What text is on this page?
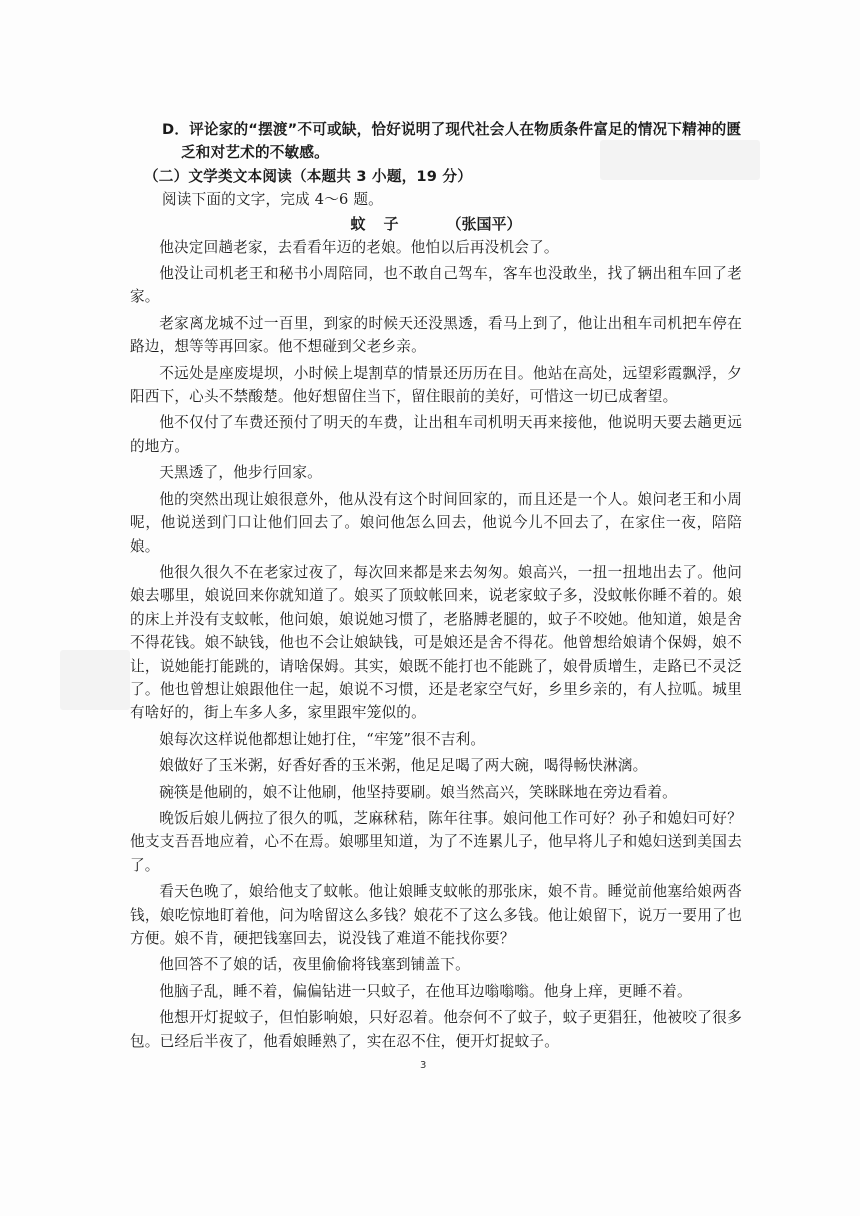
D．评论家的“摆渡”不可或缺，恰好说明了现代社会人在物质条件富足的情况下精神的匮
乏和对艺术的不敏感。

（二）文学类文本阅读（本题共 3 小题，19 分）

阅读下面的文字，完成 4～6 题。

蚊子 （张国平）

他决定回趟老家，去看看年迈的老娘。他怕以后再没机会了。

他没让司机老王和秘书小周陪同，也不敢自己驾车，客车也没敢坐，找了辆出租车回了老家。

老家离龙城不过一百里，到家的时候天还没黑透，看马上到了，他让出租车司机把车停在路边，想等等再回家。他不想碰到父老乡亲。

不远处是座废堤坝，小时候上堤割草的情景还历历在目。他站在高处，远望彩霞飘浮，夕阳西下，心头不禁酸楚。他好想留住当下，留住眼前的美好，可惜这一切已成奢望。

他不仅付了车费还预付了明天的车费，让出租车司机明天再来接他，他说明天要去趟更远的地方。

天黑透了，他步行回家。

他的突然出现让娘很意外，他从没有这个时间回家的，而且还是一个人。娘问老王和小周呢，他说送到门口让他们回去了。娘问他怎么回去，他说今儿不回去了，在家住一夜，陪陪娘。

他很久很久不在老家过夜了，每次回来都是来去匆匆。娘高兴，一扭一扭地出去了。他问娘去哪里，娘说回来你就知道了。娘买了顶蚊帐回来，说老家蚊子多，没蚊帐你睡不着的。娘的床上并没有支蚊帐，他问娘，娘说她习惯了，老胳膊老腿的，蚊子不咬她。他知道，娘是舍不得花钱。娘不缺钱，他也不会让娘缺钱，可是娘还是舍不得花。他曾想给娘请个保姆，娘不让，说她能打能跳的，请啥保姆。其实，娘既不能打也不能跳了，娘骨质增生，走路已不灵泛了。他也曾想让娘跟他住一起，娘说不习惯，还是老家空气好，乡里乡亲的，有人拉呱。城里有啥好的，街上车多人多，家里跟牢笼似的。

娘每次这样说他都想让她打住，“牢笼”很不吉利。

娘做好了玉米粥，好香好香的玉米粥，他足足喝了两大碗，喝得畅快淋漓。

碗筷是他刷的，娘不让他刷，他坚持要刷。娘当然高兴，笑眯眯地在旁边看着。

晚饭后娘儿俩拉了很久的呱，芝麻秫秸，陈年往事。娘问他工作可好？孙子和媳妇可好？他支支吾吾地应着，心不在焉。娘哪里知道，为了不连累儿子，他早将儿子和媳妇送到美国去了。

看天色晚了，娘给他支了蚊帐。他让娘睡支蚊帐的那张床，娘不肯。睡觉前他塞给娘两沓钱，娘吃惊地盯着他，问为啥留这么多钱？娘花不了这么多钱。他让娘留下，说万一要用了也方便。娘不肯，硬把钱塞回去，说没钱了难道不能找你要？

他回答不了娘的话，夜里偷偷将钱塞到铺盖下。

他脑子乱，睡不着，偏偏钻进一只蚊子，在他耳边嗡嗡嗡。他身上痒，更睡不着。

他想开灯捉蚊子，但怕影响娘，只好忍着。他奈何不了蚊子，蚊子更猖狂，他被咬了很多包。已经后半夜了，他看娘睡熟了，实在忍不住，便开灯捉蚊子。

3
